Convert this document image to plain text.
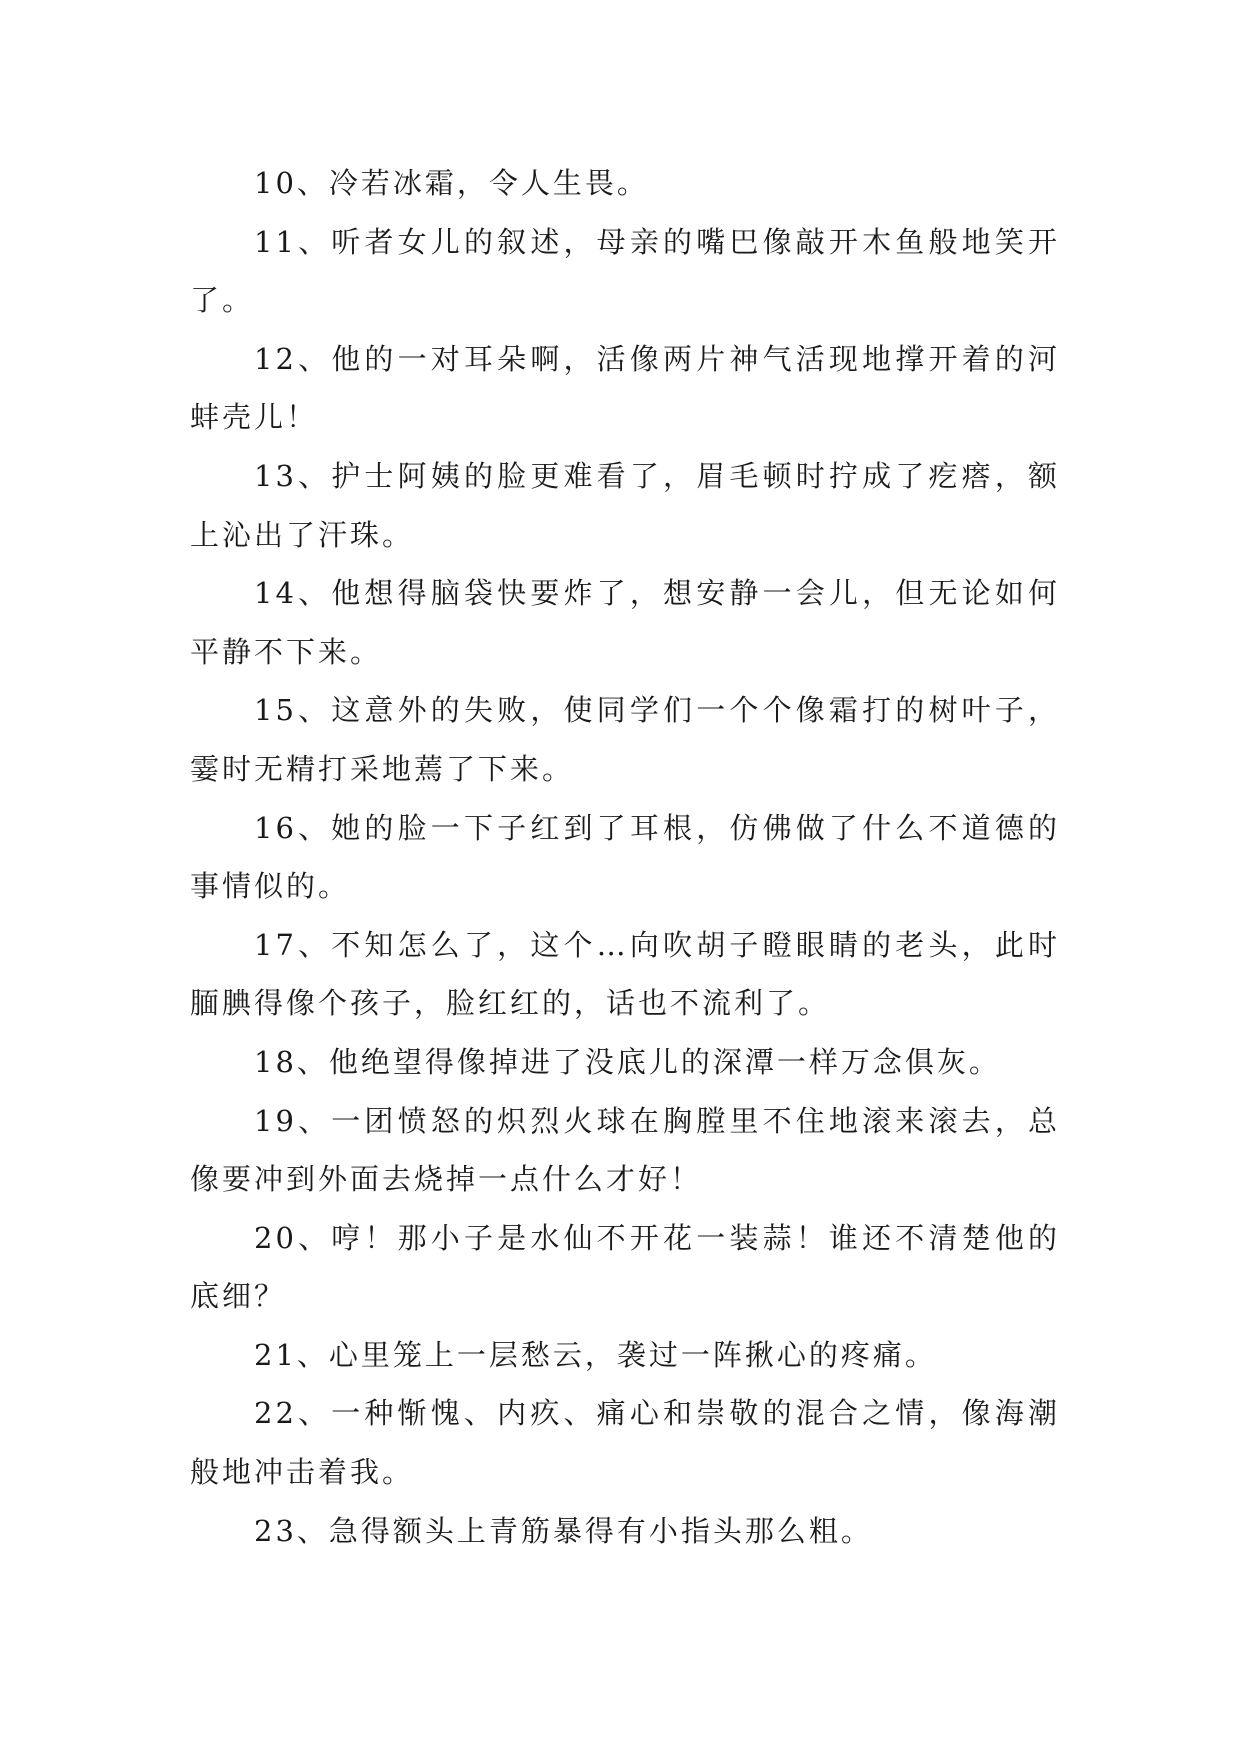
10、冷若冰霜，令人生畏。

11、听者女儿的叙述，母亲的嘴巴像敲开木鱼般地笑开了。

12、他的一对耳朵啊，活像两片神气活现地撑开着的河蚌壳儿！

13、护士阿姨的脸更难看了，眉毛顿时拧成了疙瘩，额上沁出了汗珠。

14、他想得脑袋快要炸了，想安静一会儿，但无论如何平静不下来。

15、这意外的失败，使同学们一个个像霜打的树叶子，霎时无精打采地蔫了下来。

16、她的脸一下子红到了耳根，仿佛做了什么不道德的事情似的。

17、不知怎么了，这个…向吹胡子瞪眼睛的老头，此时腼腆得像个孩子，脸红红的，话也不流利了。

18、他绝望得像掉进了没底儿的深潭一样万念俱灰。

19、一团愤怒的炽烈火球在胸膛里不住地滚来滚去，总像要冲到外面去烧掉一点什么才好！

20、哼！那小子是水仙不开花一装蒜！谁还不清楚他的底细？

21、心里笼上一层愁云，袭过一阵揪心的疼痛。

22、一种惭愧、内疚、痛心和崇敬的混合之情，像海潮般地冲击着我。

23、急得额头上青筋暴得有小指头那么粗。
